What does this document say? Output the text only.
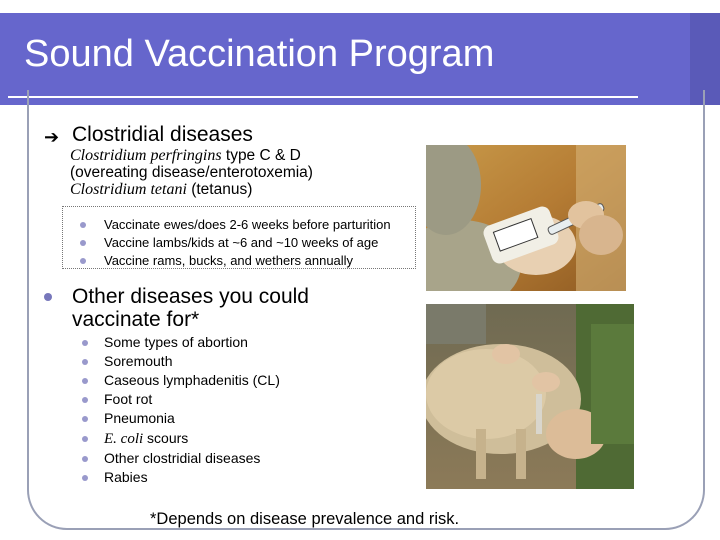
Sound Vaccination Program
➔ Clostridial diseases
Clostridium perfringins type C & D
(overeating disease/enterotoxemia)
Clostridium tetani (tetanus)
Vaccinate ewes/does 2-6 weeks before parturition
Vaccine lambs/kids at ~6 and ~10 weeks of age
Vaccine rams, bucks, and wethers annually
Other diseases you could
vaccinate for*
Some types of abortion
Soremouth
Caseous lymphadenitis (CL)
Foot rot
Pneumonia
E. coli scours
Other clostridial diseases
Rabies
*Depends on disease prevalence and risk.
